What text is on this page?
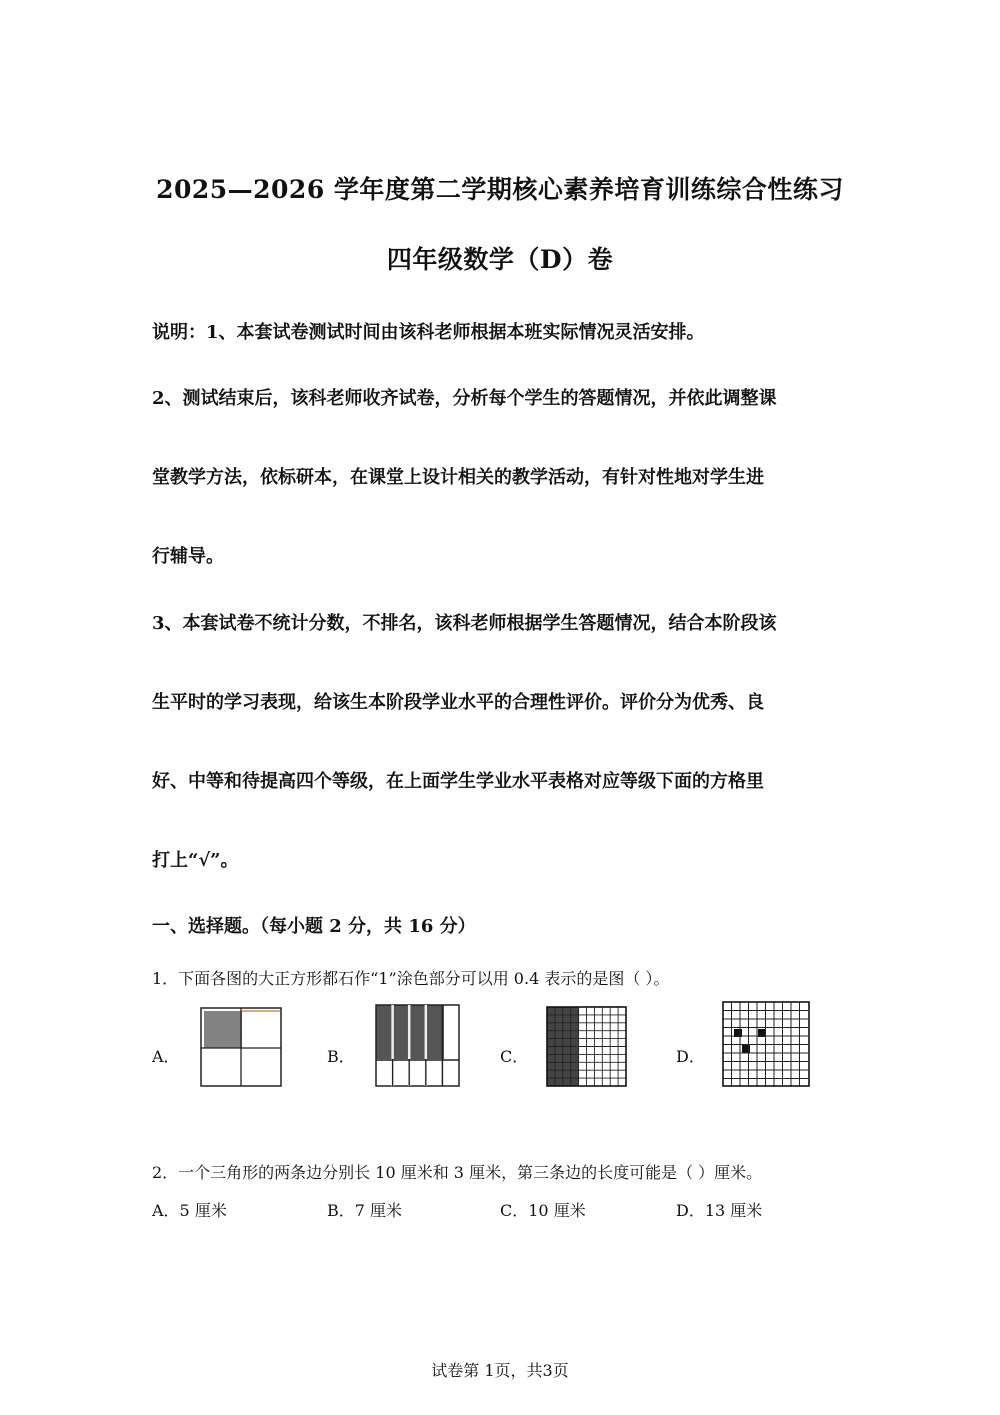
2025—2026 学年度第二学期核心素养培育训练综合性练习
四年级数学（D）卷
说明：1、本套试卷测试时间由该科老师根据本班实际情况灵活安排。
2、测试结束后，该科老师收齐试卷，分析每个学生的答题情况，并依此调整课
堂教学方法，依标研本，在课堂上设计相关的教学活动，有针对性地对学生进
行辅导。
3、本套试卷不统计分数，不排名，该科老师根据学生答题情况，结合本阶段该
生平时的学习表现，给该生本阶段学业水平的合理性评价。评价分为优秀、良
好、中等和待提高四个等级，在上面学生学业水平表格对应等级下面的方格里
打上“√”。
一、选择题。（每小题 2 分，共 16 分）
1．下面各图的大正方形都石作“1”涂色部分可以用 0.4 表示的是图（ ）。
A．	B．	C．	D．
2．一个三角形的两条边分别长 10 厘米和 3 厘米，第三条边的长度可能是（ ）厘米。
A．5 厘米	B．7 厘米	C．10 厘米	D．13 厘米
试卷第 1页，共3页
